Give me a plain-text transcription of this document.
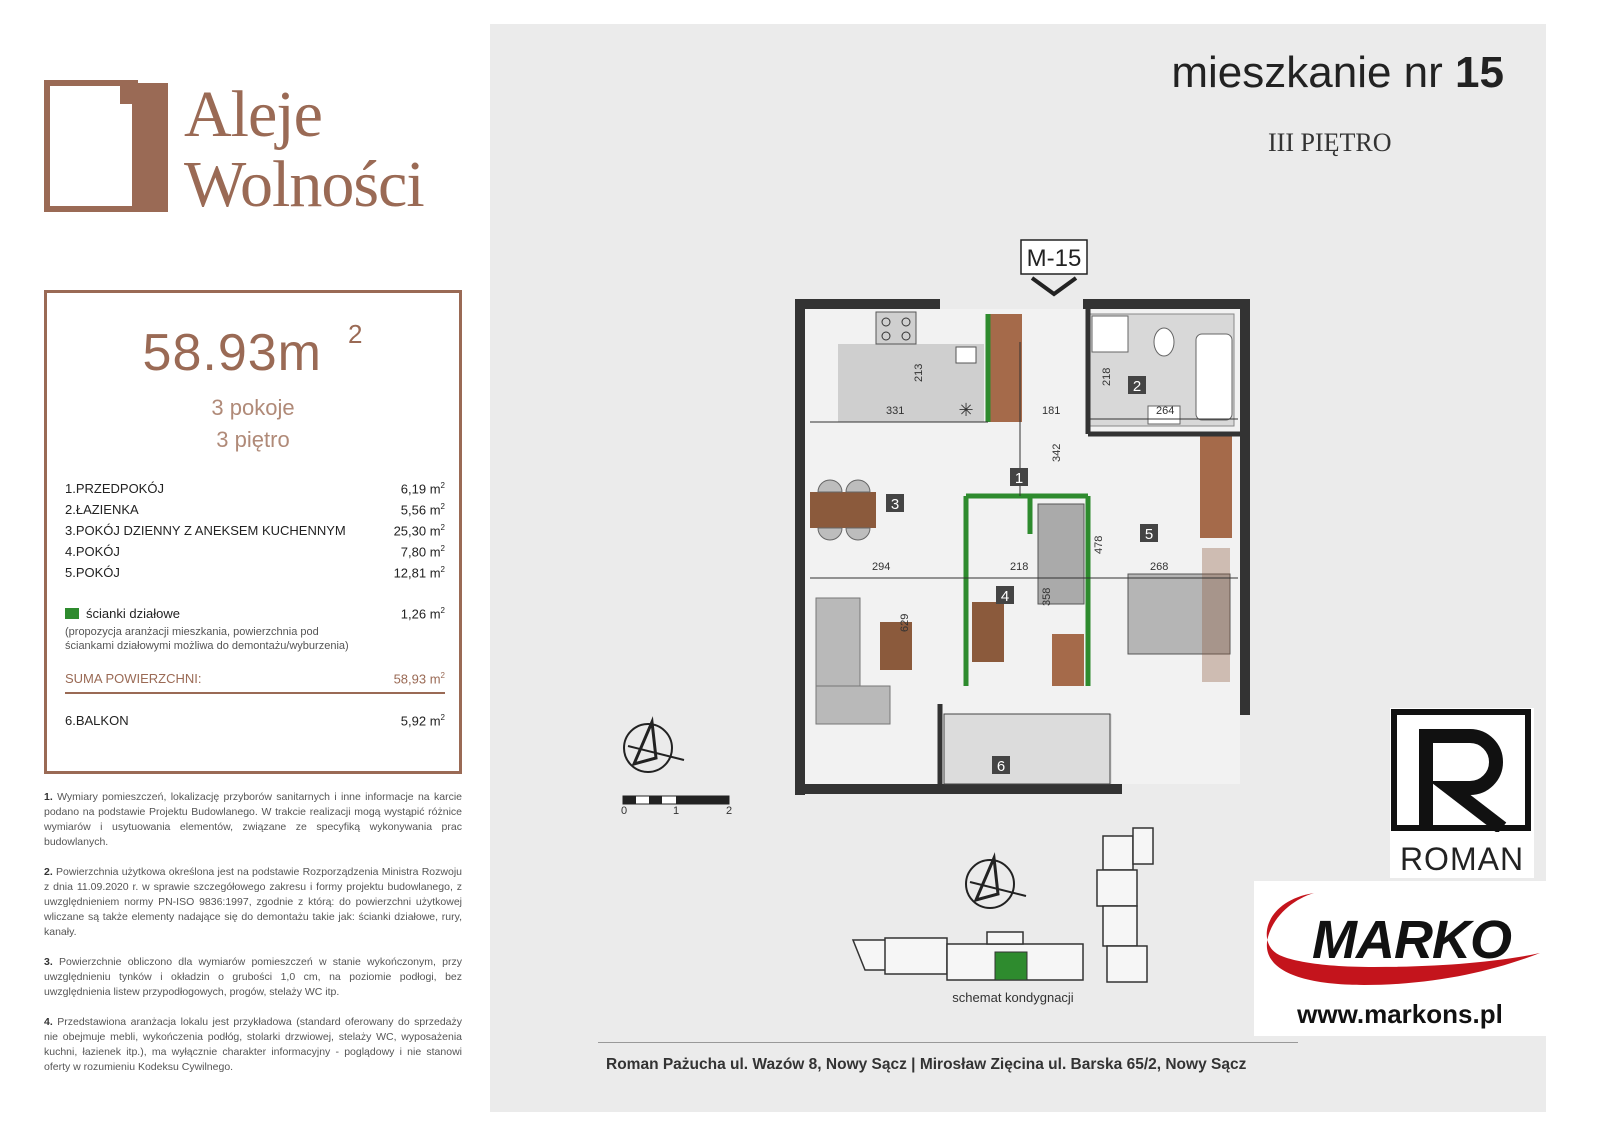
Aleje
Wolności
58.93m $^2$
3 pokoje
3 piętro
1.PRZEDPOKÓJ	6,19 $m^2$
2.ŁAZIENKA	5,56 $m^2$
3.POKÓJ DZIENNY Z ANEKSEM KUCHENNYM	25,30 $m^2$
4.POKÓJ	7,80 $m^2$
5.POKÓJ	12,81 $m^2$
ścianki działowe	1,26 $m^2$
(propozycja aranżacji mieszkania, powierzchnia pod ściankami działowymi możliwa do demontażu/wyburzenia)
SUMA POWIERZCHNI:	58,93 $m^2$
6.BALKON	5,92 $m^2$

1. Wymiary pomieszczeń, lokalizację przyborów sanitarnych i inne informacje na karcie podano na podstawie Projektu Budowlanego. W trakcie realizacji mogą wystąpić różnice wymiarów i usytuowania elementów, związane ze specyfiką wykonywania prac budowlanych.

2. Powierzchnia użytkowa określona jest na podstawie Rozporządzenia Ministra Rozwoju z dnia 11.09.2020 r. w sprawie szczegółowego zakresu i formy projektu budowlanego, z uwzględnieniem normy PN-ISO 9836:1997, zgodnie z którą: do powierzchni użytkowej wliczane są także elementy nadające się do demontażu takie jak: ścianki działowe, rury, kanały.

3. Powierzchnie obliczono dla wymiarów pomieszczeń w stanie wykończonym, przy uwzględnieniu tynków i okładzin o grubości 1,0 cm, na poziomie podłogi, bez uwzględnienia listew przypodłogowych, progów, stelaży WC itp.

4. Przedstawiona aranżacja lokalu jest przykładowa (standard oferowany do sprzedaży nie obejmuje mebli, wykończenia podłóg, stolarki drzwiowej, stelaży WC, wyposażenia kuchni, łazienek itp.), ma wyłącznie charakter informacyjny - poglądowy i nie stanowi oferty w rozumieniu Kodeksu Cywilnego.

mieszkanie nr 15
III PIĘTRO
M-15
✳
331
213
181
218
264
342
294	218
478
268
629
358
1
2
3
4
5
6
0	1	2
schemat kondygnacji
ROMAN
MARKO
www.markons.pl
Roman Pażucha ul. Wazów 8, Nowy Sącz | Mirosław Zięcina ul. Barska 65/2, Nowy Sącz
